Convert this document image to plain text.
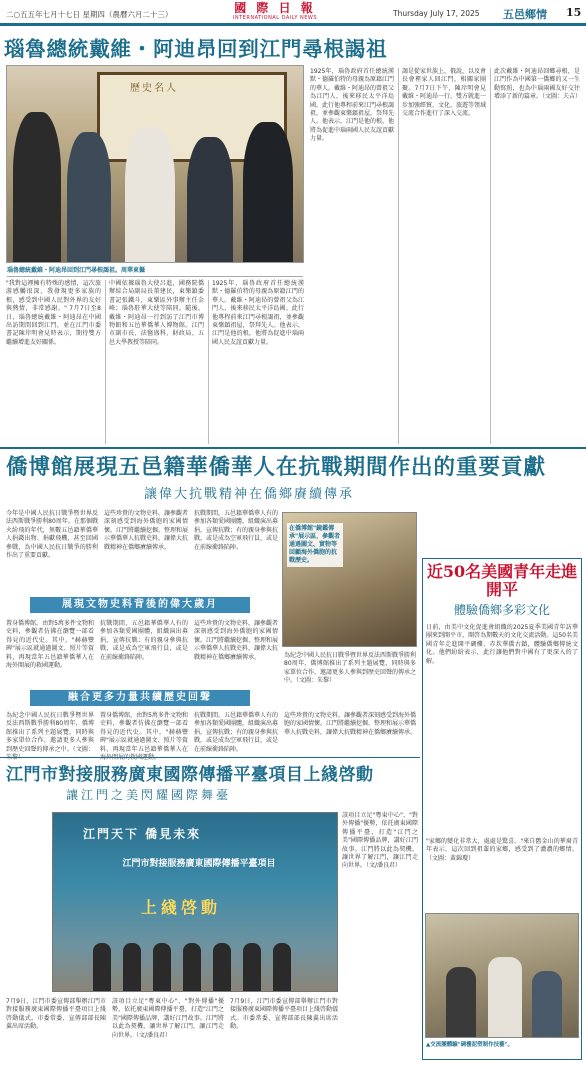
二○五五年七月十七日 星期四（農曆六月二十三）	國 際 日 報
INTERNATIONAL DAILY NEWS	Thursday July 17, 2025 五邑鄉情 15
瑙魯總統戴維・阿迪昂回到江門尋根謁祖
歷史名人
瑙魯總統戴維・阿迪昂回到江門尋根謁祖。周華東攝
1925年，瑙魯政府首任總統漢默・德羅伯特的母親為原籍江門的華人。戴維・阿迪昂的曾祖父為江門人，後來移民太平洋島國。此行他專程前來江門尋根謁祖，並參觀東樂鎮祖屋，祭拜先人。他表示，江門是他的根，他將為促進中瑙兩國人民友誼貢獻力量。
謁是從家世族上，俄說，以及會長會裡家人回江門，相關家團聚。7月7日下午，陳岸明會見戴維・阿迪昂一行，雙方就進一步加強經貿、文化、旅遊等領域交流合作進行了深入交流。
此次戴維・阿迪昂回鄉尋根，是江門作為中國第一僑鄉的又一生動寫照，也為中瑙兩國友好交往增添了新的篇章。（文圖：夫吉）
"我對這裡擁有特殊的感情，這次旅游感觸很深，我發現更多家族的根，感受到中國人民對外界的友好與熱情，非常感謝。" 7月7日至8日，瑙魯總統戴維・阿迪昂在中國出訪期間回到江門，並在江門市委書記陳岸明會見時表示，期待雙方繼續增進友好關係。
中國依據瑙魯大使呂進，國務院僑辦綜合局副局長董建民，東樂鎮委書記張鐵斗，東樂區外事辦主任金峰；瑙魯駐華大使等陪同。隨後，戴維・阿迪昂一行到訪了江門市博物館和五邑華僑華人博物館。江門市副市長、法醫盛科、財政局、五邑大學教授等陪同。
1925年，瑙魯政府首任總統漢默・德羅伯特的母親為原籍江門的華人。戴維・阿迪昂的曾祖父為江門人，後來移民太平洋島國。此行他專程前來江門尋根謁祖，並參觀東樂鎮祖屋，祭拜先人。他表示，江門是他的根，他將為促進中瑙兩國人民友誼貢獻力量。
僑博館展現五邑籍華僑華人在抗戰期間作出的重要貢獻
讓偉大抗戰精神在僑鄉賡續傳承
今年是中國人民抗日戰爭暨世界反法西斯戰爭勝利80周年。在那個戰火紛飛的年代，無數五邑籍華僑華人捐錢出物、捐獻飛機，甚至回國參戰，為中國人民抗日戰爭的勝利作出了重要貢獻。
這些珍貴的文物史料，讓參觀者深刻感受到海外僑胞的家國情懷。江門將繼續挖掘、整理和展示華僑華人抗戰史料，讓偉大抗戰精神在僑鄉賡續傳承。
抗戰期間，五邑籍華僑華人有的參加各類愛國團體，組織演出募捐，宣傳抗戰；有的親身參與抗戰，或是成為空軍飛行員，或是在前線衝鋒陷陣。
在僑博館"鏡鑑傳承"展示區，參觀者通過圖文、實物等回顧海外僑胞的抗戰歷史。
展現文物史料背後的偉大歲月
置身僑博館，由對5萬多件文物和史料，參觀者仿佛在瀏覽一部看得見的近代史。其中，"赫赫豐碑"展示區就通過圖文、照片等資料，再現當年五邑籍華僑華人在海外開展的救國運動。
抗戰期間，五邑籍華僑華人有的參加各類愛國團體，組織演出募捐，宣傳抗戰；有的親身參與抗戰，或是成為空軍飛行員，或是在前線衝鋒陷陣。
這些珍貴的文物史料，讓參觀者深刻感受到海外僑胞的家國情懷。江門將繼續挖掘、整理和展示華僑華人抗戰史料，讓偉大抗戰精神在僑鄉賡續傳承。	為紀念中國人民抗日戰爭暨世界反法西斯戰爭勝利80周年，僑博館推出了系列主題展覽，同時與多家單位合作，邀請更多人參與到歷史回聲的傳承之中。（文圖：朱黎）
融合更多力量共續歷史回聲
為紀念中國人民抗日戰爭暨世界反法西斯戰爭勝利80周年，僑博館推出了系列主題展覽，同時與多家單位合作，邀請更多人參與到歷史回聲的傳承之中。（文圖：
置身僑博館，由對5萬多件文物和史料，參觀者仿佛在瀏覽一部看得見的近代史。其中，"赫赫豐碑"展示區就通過圖文、照片等資料，再現當年五邑籍華僑華人在
抗戰期間，五邑籍華僑華人有的參加各類愛國團體，組織演出募捐，宣傳抗戰；有的親身參與抗戰，或是成為空軍飛行員，或是在前線衝鋒陷陣。
這些珍貴的文物史料，讓參觀者深刻感受到海外僑胞的家國情懷。江門將繼續挖掘、整理和展示華僑華人抗戰史料，讓偉大抗戰精神在僑鄉賡續傳承。
近50名美國青年走進開平
體驗僑鄉多彩文化
日前，由美中文化促進會組織的2025夏季美國青年訪華團來到開平市，開啓為期數天的文化交流活動。這50名美國青年走進開平碉樓、赤坎華僑古鎮，體驗僑鄉傳統文化。他們紛紛表示，此行讓他們對中國有了更深入的了解。
"家鄉的變化非常大，處處是驚喜。"來自舊金山的華裔青年表示，這次回到祖輩的家鄉，感受到了濃濃的鄉情。（文圖：黃錦瓊）
▲交流團體驗"碉樓泥塑制作技藝"。
江門市對接服務廣東國際傳播平臺項目上綫啓動
讓江門之美閃耀國際舞臺
江門天下 僑見未來
江門市對接服務廣東國際傳播平臺項目
上綫啓動
該項目立足"粵東中心"、"對外傳播"優勢，依托廣東國際傳播平臺，打造"江門之美"國際傳播品牌，講好江門故事。江門將以此為契機，讓世界了解江門，讓江門走向世界。（文/潘良君）
7月9日，江門市委宣傳部舉辦江門市對接服務廣東國際傳播平臺項目上綫啓動儀式。市委常委、宣傳部部長陳翼出席活動。
該項目立足"粵東中心"、"對外傳播"優勢，依托廣東國際傳播平臺，打造"江門之美"國際傳播品牌，講好江門故事。江門將以此為契機，讓世界了解江門，讓江門走向世界。（文/潘良君）
7月9日，江門市委宣傳部舉辦江門市對接服務廣東國際傳播平臺項目上綫啓動儀式。市委常委、宣傳部部長陳翼出席活動。
